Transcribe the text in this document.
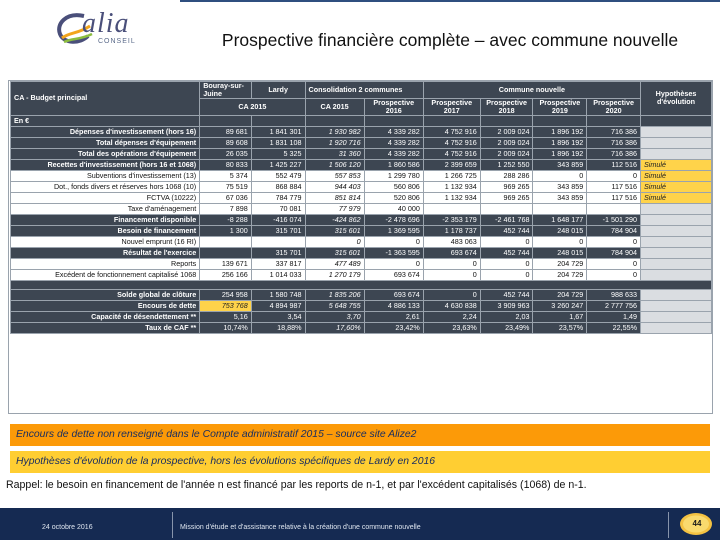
alia
CONSEIL	Prospective financière complète – avec commune nouvelle
CA - Budget principal	Bouray-sur-Juine	Lardy	Consolidation 2 communes		Commune nouvelle				Hypothèses d'évolution
	CA 2015		CA 2015	Prospective 2016	Prospective 2017	Prospective 2018	Prospective 2019	Prospective 2020	
En €									
Dépenses d'investissement (hors 16)	89 681	1 841 301	1 930 982	4 339 282	4 752 916	2 009 024	1 896 192	716 386	
Total dépenses d'équipement	89 608	1 831 108	1 920 716	4 339 282	4 752 916	2 009 024	1 896 192	716 386	
Total des opérations d'équipement	26 035	5 325	31 360	4 339 282	4 752 916	2 009 024	1 896 192	716 386	
Recettes d'investissement (hors 16 et 1068)	80 833	1 425 227	1 506 120	1 860 586	2 399 659	1 252 550	343 859	112 516	Simulé
Subventions d'investissement (13)	5 374	552 479	557 853	1 299 780	1 266 725	288 286	0	0	Simulé
Dot., fonds divers et réserves hors 1068 (10)	75 519	868 884	944 403	560 806	1 132 934	969 265	343 859	117 516	Simulé
FCTVA (10222)	67 036	784 779	851 814	520 806	1 132 934	969 265	343 859	117 516	Simulé
Taxe d'aménagement	7 898	70 081	77 979	40 000					
Financement disponible	-8 288	-416 074	-424 862	-2 478 696	-2 353 179	-2 461 768	1 648 177	-1 501 290	
Besoin de financement	1 300	315 701	315 601	1 369 595	1 178 737	452 744	248 015	784 904	
Nouvel emprunt (16 RI)			0	0	483 063	0	0	0	
Résultat de l'exercice		315 701	315 601	-1 363 595	693 674	452 744	248 015	784 904	
Reports	139 671	337 817	477 489	0	0	0	204 729	0	
Excédent de fonctionnement capitalisé 1068	256 166	1 014 033	1 270 179	693 674	0	0	204 729	0	

Solde global de clôture	254 958	1 580 748	1 835 206	693 674	0	452 744	204 729	988 633	
Encours de dette	753 768	4 894 987	5 648 755	4 886 133	4 630 838	3 909 963	3 260 247	2 777 756	
Capacité de désendettement **	5,16	3,54	3,70	2,61	2,24	2,03	1,67	1,49	
Taux de CAF **	10,74%	18,88%	17,60%	23,42%	23,63%	23,49%	23,57%	22,55%	
Encours de dette non renseigné dans le Compte administratif 2015 – source site Alize2
Hypothèses d'évolution de la prospective, hors les évolutions spécifiques de Lardy en 2016
Rappel: le besoin en financement de l'année n est financé par les reports de n-1, et par l'excédent capitalisés (1068) de n-1.
24 octobre 2016	Mission d'étude et d'assistance relative à la création d'une commune nouvelle	44
